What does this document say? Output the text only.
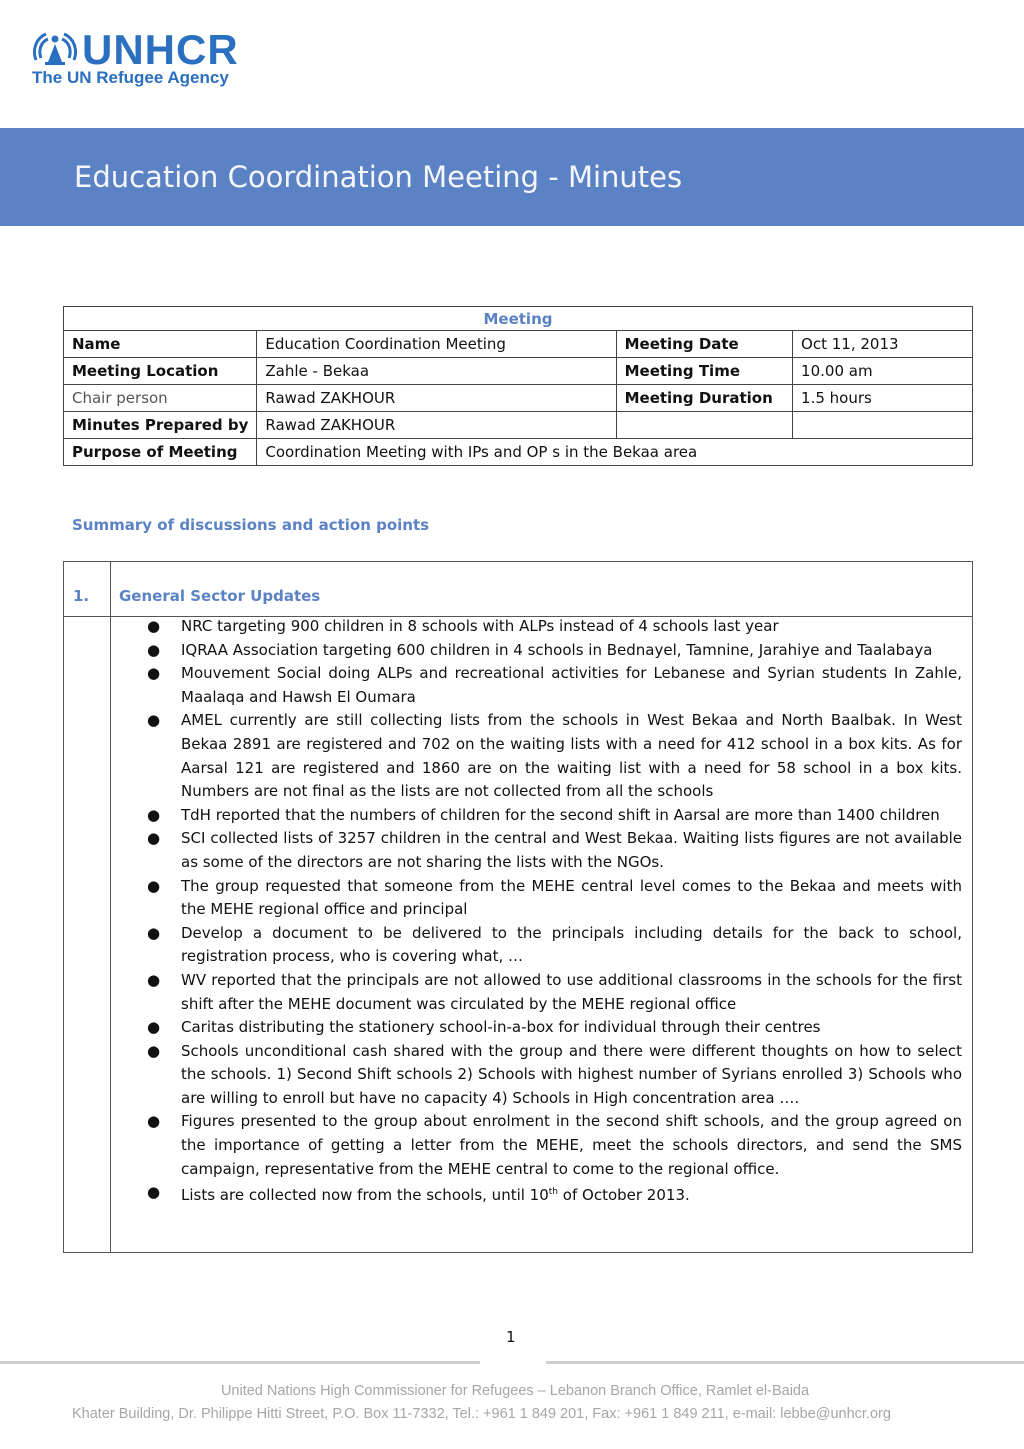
UNHCR
The UN Refugee Agency
Education Coordination Meeting - Minutes
Meeting			
Name	Education Coordination Meeting	Meeting Date	Oct 11, 2013
Meeting Location	Zahle - Bekaa	Meeting Time	10.00 am
Chair person	Rawad ZAKHOUR	Meeting Duration	1.5 hours
Minutes Prepared by	Rawad ZAKHOUR		
Purpose of Meeting	Coordination Meeting with IPs and OP s in the Bekaa area		
Summary of discussions and action points
1. General Sector Updates
● NRC targeting 900 children in 8 schools with ALPs instead of 4 schools last year
● IQRAA Association targeting 600 children in 4 schools in Bednayel, Tamnine, Jarahiye and Taalabaya
● Mouvement Social doing ALPs and recreational activities for Lebanese and Syrian students In Zahle, Maalaqa and Hawsh El Oumara
● AMEL currently are still collecting lists from the schools in West Bekaa and North Baalbak. In West Bekaa 2891 are registered and 702 on the waiting lists with a need for 412 school in a box kits. As for Aarsal 121 are registered and 1860 are on the waiting list with a need for 58 school in a box kits. Numbers are not final as the lists are not collected from all the schools
● TdH reported that the numbers of children for the second shift in Aarsal are more than 1400 children
● SCI collected lists of 3257 children in the central and West Bekaa. Waiting lists figures are not available as some of the directors are not sharing the lists with the NGOs.
● The group requested that someone from the MEHE central level comes to the Bekaa and meets with the MEHE regional office and principal
● Develop a document to be delivered to the principals including details for the back to school, registration process, who is covering what, …
● WV reported that the principals are not allowed to use additional classrooms in the schools for the first shift after the MEHE document was circulated by the MEHE regional office
● Caritas distributing the stationery school-in-a-box for individual through their centres
● Schools unconditional cash shared with the group and there were different thoughts on how to select the schools. 1) Second Shift schools 2) Schools with highest number of Syrians enrolled 3) Schools who are willing to enroll but have no capacity 4) Schools in High concentration area ….
● Figures presented to the group about enrolment in the second shift schools, and the group agreed on the importance of getting a letter from the MEHE, meet the schools directors, and send the SMS campaign, representative from the MEHE central to come to the regional office.
● Lists are collected now from the schools, until 10th of October 2013.
1
United Nations High Commissioner for Refugees – Lebanon Branch Office, Ramlet el-Baida
Khater Building, Dr. Philippe Hitti Street, P.O. Box 11-7332, Tel.: +961 1 849 201, Fax: +961 1 849 211, e-mail: lebbe@unhcr.org
